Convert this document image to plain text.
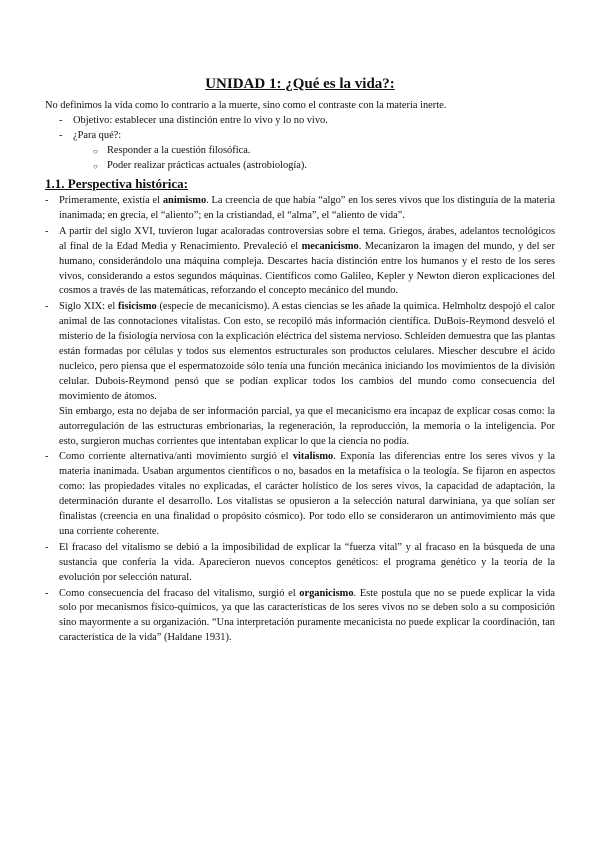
UNIDAD 1: ¿Qué es la vida?:

No definimos la vida como lo contrario a la muerte, sino como el contraste con la materia inerte.

- Objetivo: establecer una distinción entre lo vivo y lo no vivo.
- ¿Para qué?:
○ Responder a la cuestión filosófica.
○ Poder realizar prácticas actuales (astrobiología).
1.1. Perspectiva histórica:
- Primeramente, existía el animismo. La creencia de que había “algo” en los seres vivos que los distinguía de la materia inanimada; en grecia, el “aliento”; en la cristiandad, el “alma”, el “aliento de vida”.
- A partir del siglo XVI, tuvieron lugar acaloradas controversias sobre el tema. Griegos, árabes, adelantos tecnológicos al final de la Edad Media y Renacimiento. Prevaleció el mecanicismo. Mecanizaron la imagen del mundo, y del ser humano, considerándolo una máquina compleja. Descartes hacía distinción entre los humanos y el resto de los seres vivos, considerando a estos segundos máquinas. Científicos como Galileo, Kepler y Newton dieron explicaciones del cosmos a través de las matemáticas, reforzando el concepto mecánico del mundo.
- Siglo XIX: el fisicismo (especie de mecanicismo). A estas ciencias se les añade la química. Helmholtz despojó el calor animal de las connotaciones vitalistas. Con esto, se recopiló más información científica. DuBois-Reymond desveló el misterio de la fisiología nerviosa con la explicación eléctrica del sistema nervioso. Schleiden demuestra que las plantas están formadas por células y todos sus elementos estructurales son productos celulares. Miescher descubre el ácido nucleico, pero piensa que el espermatozoide sólo tenía una función mecánica iniciando los movimientos de la división celular. Dubois-Reymond pensó que se podían explicar todos los cambios del mundo como consecuencia del movimiento de átomos.
Sin embargo, esta no dejaba de ser información parcial, ya que el mecanicismo era incapaz de explicar cosas como: la autorregulación de las estructuras embrionarias, la regeneración, la reproducción, la memoria o la inteligencia. Por esto, surgieron muchas corrientes que intentaban explicar lo que la ciencia no podía.
- Como corriente alternativa/anti movimiento surgió el vitalismo. Exponía las diferencias entre los seres vivos y la materia inanimada. Usaban argumentos científicos o no, basados en la metafísica o la teología. Se fijaron en aspectos como: las propiedades vitales no explicadas, el carácter holístico de los seres vivos, la capacidad de adaptación, la determinación durante el desarrollo. Los vitalistas se opusieron a la selección natural darwiniana, ya que solían ser finalistas (creencia en una finalidad o propósito cósmico). Por todo ello se consideraron un antimovimiento más que una corriente coherente.
- El fracaso del vitalismo se debió a la imposibilidad de explicar la “fuerza vital” y al fracaso en la búsqueda de una sustancia que confería la vida. Aparecieron nuevos conceptos genéticos: el programa genético y la teoría de la evolución por selección natural.
- Como consecuencia del fracaso del vitalismo, surgió el organicismo. Este postula que no se puede explicar la vida solo por mecanismos físico-químicos, ya que las características de los seres vivos no se deben solo a su composición sino mayormente a su organización. “Una interpretación puramente mecanicista no puede explicar la coordinación, tan característica de la vida” (Haldane 1931).
